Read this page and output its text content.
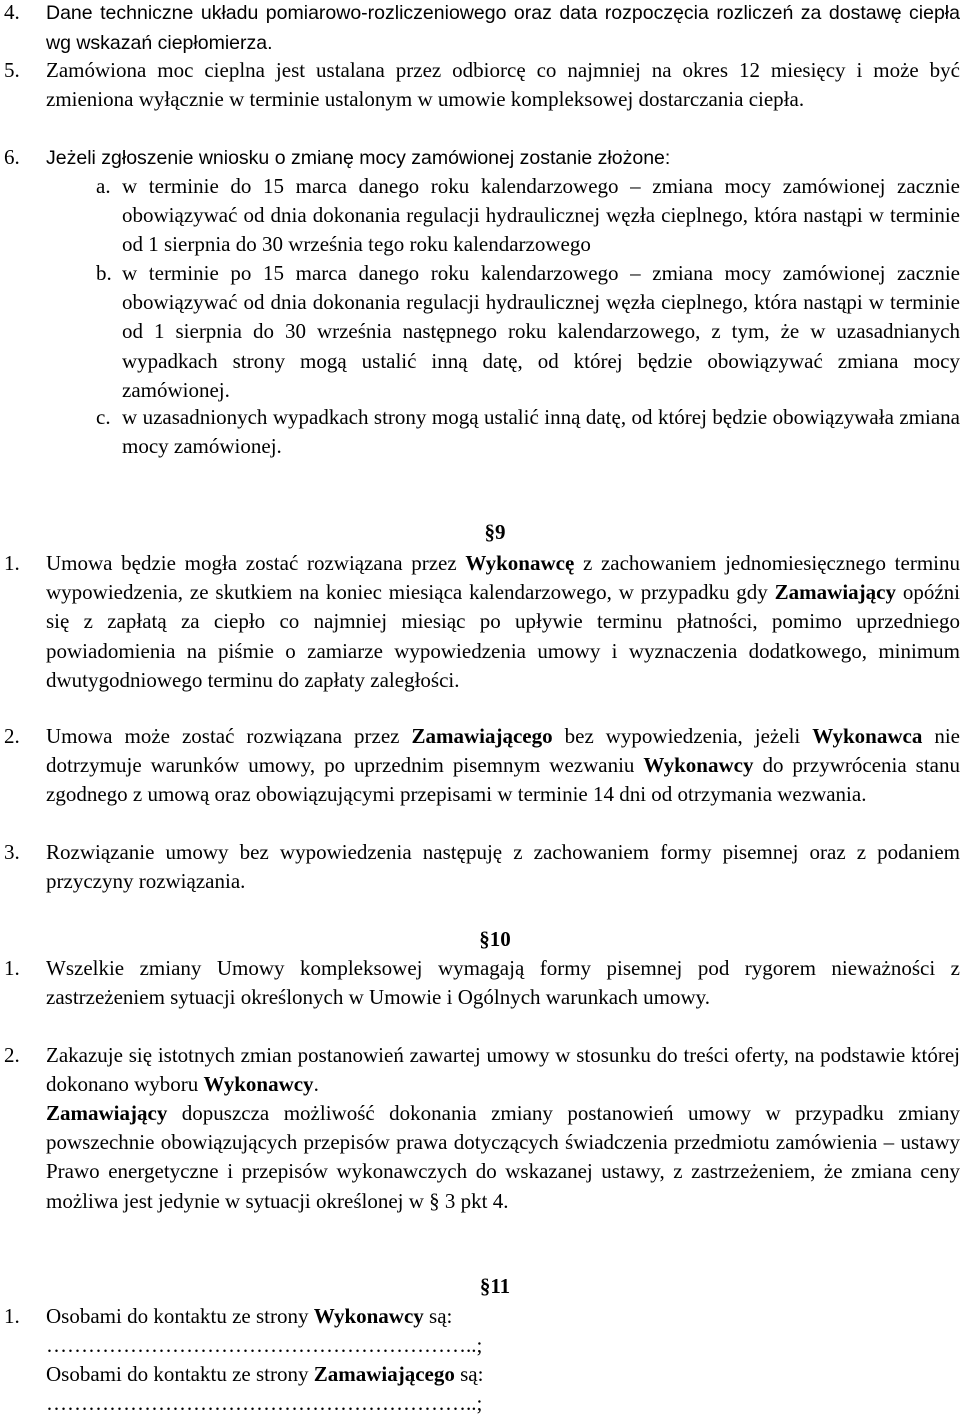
4. Dane techniczne układu pomiarowo-rozliczeniowego oraz data rozpoczęcia rozliczeń za dostawę ciepła wg wskazań ciepłomierza.
5. Zamówiona moc cieplna jest ustalana przez odbiorcę co najmniej na okres 12 miesięcy i może być zmieniona wyłącznie w terminie ustalonym w umowie kompleksowej dostarczania ciepła.
6. Jeżeli zgłoszenie wniosku o zmianę mocy zamówionej zostanie złożone:
a. w terminie do 15 marca danego roku kalendarzowego – zmiana mocy zamówionej zacznie obowiązywać od dnia dokonania regulacji hydraulicznej węzła cieplnego, która nastąpi w terminie od 1 sierpnia do 30 września tego roku kalendarzowego
b. w terminie po 15 marca danego roku kalendarzowego – zmiana mocy zamówionej zacznie obowiązywać od dnia dokonania regulacji hydraulicznej węzła cieplnego, która nastąpi w terminie od 1 sierpnia do 30 września następnego roku kalendarzowego, z tym, że w uzasadnianych wypadkach strony mogą ustalić inną datę, od której będzie obowiązywać zmiana mocy zamówionej.
c. w uzasadnionych wypadkach strony mogą ustalić inną datę, od której będzie obowiązywała zmiana mocy zamówionej.
§9
1. Umowa będzie mogła zostać rozwiązana przez Wykonawcę z zachowaniem jednomiesięcznego terminu wypowiedzenia, ze skutkiem na koniec miesiąca kalendarzowego, w przypadku gdy Zamawiający opóźni się z zapłatą za ciepło co najmniej miesiąc po upływie terminu płatności, pomimo uprzedniego powiadomienia na piśmie o zamiarze wypowiedzenia umowy i wyznaczenia dodatkowego, minimum dwutygodniowego terminu do zapłaty zaległości.
2. Umowa może zostać rozwiązana przez Zamawiającego bez wypowiedzenia, jeżeli Wykonawca nie dotrzymuje warunków umowy, po uprzednim pisemnym wezwaniu Wykonawcy do przywrócenia stanu zgodnego z umową oraz obowiązującymi przepisami w terminie 14 dni od otrzymania wezwania.
3. Rozwiązanie umowy bez wypowiedzenia następuję z zachowaniem formy pisemnej oraz z podaniem przyczyny rozwiązania.
§10
1. Wszelkie zmiany Umowy kompleksowej wymagają formy pisemnej pod rygorem nieważności z zastrzeżeniem sytuacji określonych w Umowie i Ogólnych warunkach umowy.
2. Zakazuje się istotnych zmian postanowień zawartej umowy w stosunku do treści oferty, na podstawie której dokonano wyboru Wykonawcy.
Zamawiający dopuszcza możliwość dokonania zmiany postanowień umowy w przypadku zmiany powszechnie obowiązujących przepisów prawa dotyczących świadczenia przedmiotu zamówienia – ustawy Prawo energetyczne i przepisów wykonawczych do wskazanej ustawy, z zastrzeżeniem, że zmiana ceny możliwa jest jedynie w sytuacji określonej w § 3 pkt 4.
§11
1. Osobami do kontaktu ze strony Wykonawcy są:
……………………………………………………..;
Osobami do kontaktu ze strony Zamawiającego są:
……………………………………………………..;
